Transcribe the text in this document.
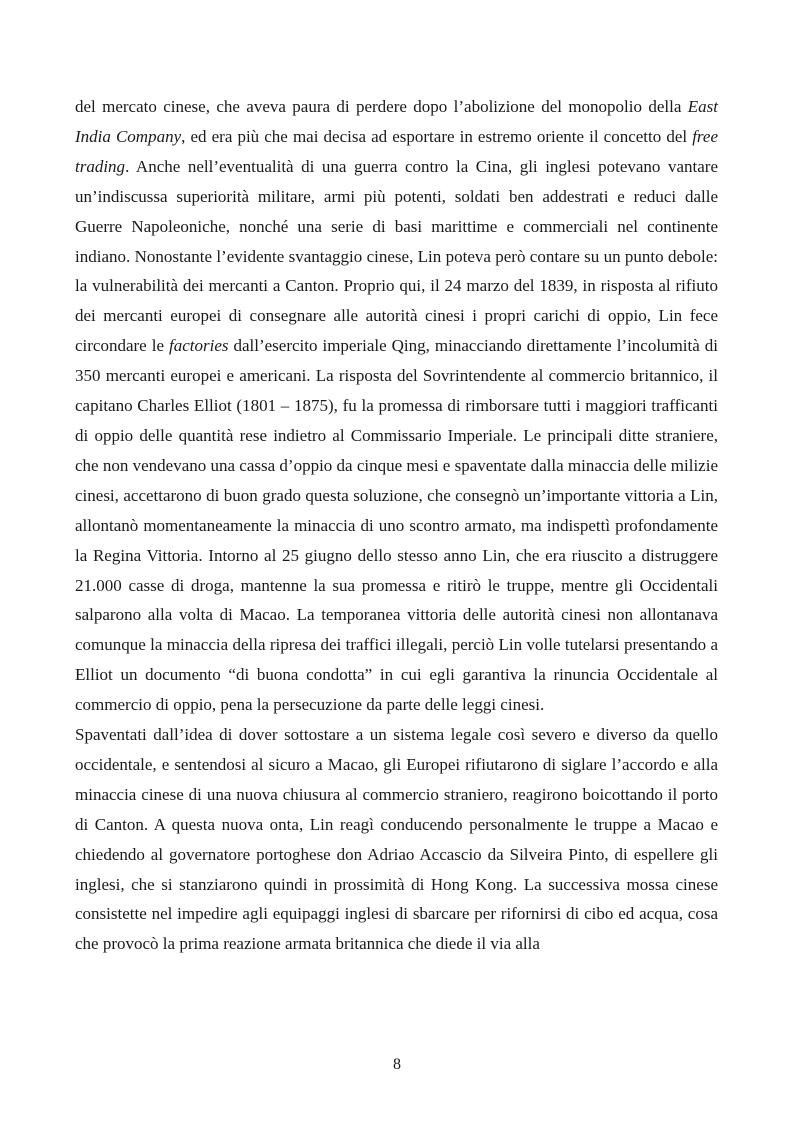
del mercato cinese, che aveva paura di perdere dopo l’abolizione del monopolio della East India Company, ed era più che mai decisa ad esportare in estremo oriente il concetto del free trading. Anche nell’eventualità di una guerra contro la Cina, gli inglesi potevano vantare un’indiscussa superiorità militare, armi più potenti, soldati ben addestrati e reduci dalle Guerre Napoleoniche, nonché una serie di basi marittime e commerciali nel continente indiano. Nonostante l’evidente svantaggio cinese, Lin poteva però contare su un punto debole: la vulnerabilità dei mercanti a Canton. Proprio qui, il 24 marzo del 1839, in risposta al rifiuto dei mercanti europei di consegnare alle autorità cinesi i propri carichi di oppio, Lin fece circondare le factories dall’esercito imperiale Qing, minacciando direttamente l’incolumità di 350 mercanti europei e americani. La risposta del Sovrintendente al commercio britannico, il capitano Charles Elliot (1801 – 1875), fu la promessa di rimborsare tutti i maggiori trafficanti di oppio delle quantità rese indietro al Commissario Imperiale. Le principali ditte straniere, che non vendevano una cassa d’oppio da cinque mesi e spaventate dalla minaccia delle milizie cinesi, accettarono di buon grado questa soluzione, che consegnò un’importante vittoria a Lin, allontanò momentaneamente la minaccia di uno scontro armato, ma indispettì profondamente la Regina Vittoria. Intorno al 25 giugno dello stesso anno Lin, che era riuscito a distruggere 21.000 casse di droga, mantenne la sua promessa e ritirò le truppe, mentre gli Occidentali salparono alla volta di Macao. La temporanea vittoria delle autorità cinesi non allontanava comunque la minaccia della ripresa dei traffici illegali, perciò Lin volle tutelarsi presentando a Elliot un documento “di buona condotta” in cui egli garantiva la rinuncia Occidentale al commercio di oppio, pena la persecuzione da parte delle leggi cinesi.

Spaventati dall’idea di dover sottostare a un sistema legale così severo e diverso da quello occidentale, e sentendosi al sicuro a Macao, gli Europei rifiutarono di siglare l’accordo e alla minaccia cinese di una nuova chiusura al commercio straniero, reagirono boicottando il porto di Canton. A questa nuova onta, Lin reagì conducendo personalmente le truppe a Macao e chiedendo al governatore portoghese don Adriao Accascio da Silveira Pinto, di espellere gli inglesi, che si stanziarono quindi in prossimità di Hong Kong. La successiva mossa cinese consistette nel impedire agli equipaggi inglesi di sbarcare per rifornirsi di cibo ed acqua, cosa che provocò la prima reazione armata britannica che diede il via alla

8
